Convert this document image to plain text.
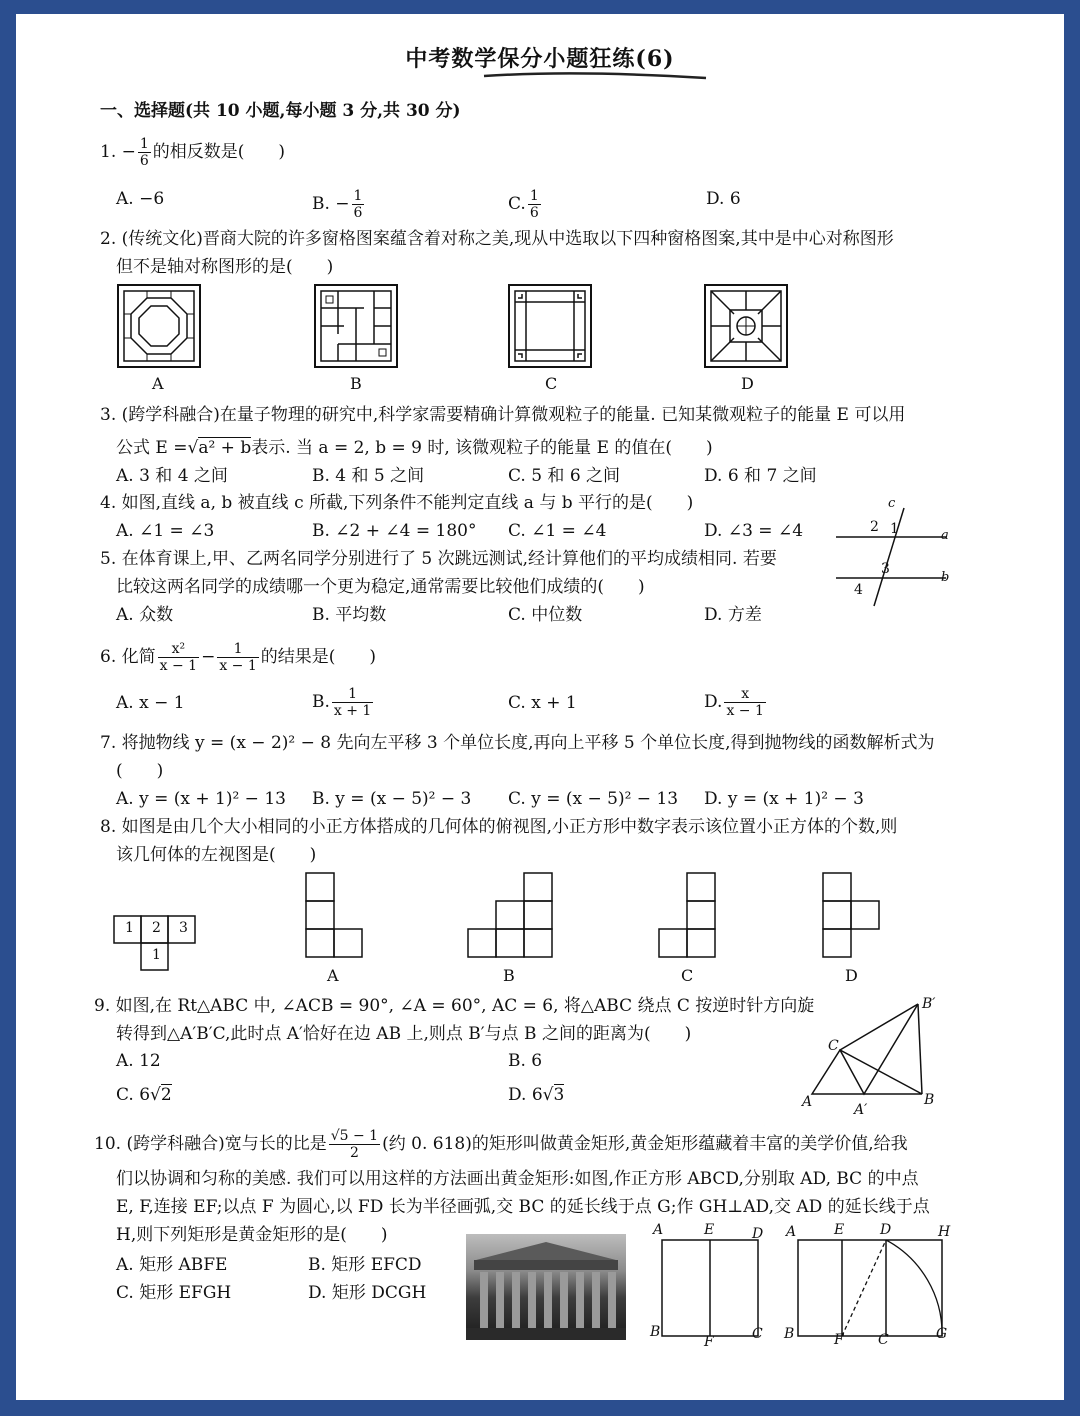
中考数学保分小题狂练(6)
一、选择题(共 10 小题,每小题 3 分,共 30 分)
1. − $\frac{1}{6}$ 的相反数是(　　)
A. −6	B. − $\frac{1}{6}$	C. $\frac{1}{6}$	D. 6
2. (传统文化)晋商大院的许多窗格图案蕴含着对称之美,现从中选取以下四种窗格图案,其中是中心对称图形
但不是轴对称图形的是(　　)
A	B	C	D
3. (跨学科融合)在量子物理的研究中,科学家需要精确计算微观粒子的能量. 已知某微观粒子的能量 E 可以用
公式 E =√a² + b表示. 当 a = 2, b = 9 时, 该微观粒子的能量 E 的值在(　　)
A. 3 和 4 之间	B. 4 和 5 之间	C. 5 和 6 之间	D. 6 和 7 之间
4. 如图,直线 a, b 被直线 c 所截,下列条件不能判定直线 a 与 b 平行的是(　　)
A. ∠1 = ∠3	B. ∠2 + ∠4 = 180° C. ∠1 = ∠4	D. ∠3 = ∠4
c
a
b
2 1
3
4
5. 在体育课上,甲、乙两名同学分别进行了 5 次跳远测试,经计算他们的平均成绩相同. 若要
比较这两名同学的成绩哪一个更为稳定,通常需要比较他们成绩的(　　)
A. 众数	B. 平均数	C. 中位数	D. 方差
6. 化简 $\frac{\text{x²}}{x - 1} - \frac{1}{x - 1}$ 的结果是(　　)
A. x − 1	B. $\frac{1}{x + 1}$	C. x + 1	D. $\frac{x}{x - 1}$
7. 将抛物线 y = (x − 2)² − 8 先向左平移 3 个单位长度,再向上平移 5 个单位长度,得到抛物线的函数解析式为
(　　)
A. y = (x + 1)² − 13 B. y = (x − 5)² − 3 C. y = (x − 5)² − 13 D. y = (x + 1)² − 3
8. 如图是由几个大小相同的小正方体搭成的几何体的俯视图,小正方形中数字表示该位置小正方体的个数,则
该几何体的左视图是(　　)
1 2 3
1
A	B	C	D
9. 如图,在 Rt△ABC 中, ∠ACB = 90°, ∠A = 60°, AC = 6, 将△ABC 绕点 C 按逆时针方向旋
转得到△A′B′C,此时点 A′恰好在边 AB 上,则点 B′与点 B 之间的距离为(　　)
A. 12	B. 6
C. 6√2	D. 6√3	A	B
C
A′
B′
10. (跨学科融合)宽与长的比是 $\frac{√5 - 1}{2}$ (约 0. 618)的矩形叫做黄金矩形,黄金矩形蕴藏着丰富的美学价值,给我
们以协调和匀称的美感. 我们可以用这样的方法画出黄金矩形:如图,作正方形 ABCD,分别取 AD, BC 的中点
E, F,连接 EF;以点 F 为圆心,以 FD 长为半径画弧,交 BC 的延长线于点 G;作 GH⊥AD,交 AD 的延长线于点
H,则下列矩形是黄金矩形的是(　　)
A. 矩形 ABFE	B. 矩形 EFCD
C. 矩形 EFGH	D. 矩形 DCGH
A	E	D
B
F	C
A	E	D	H
B	F C	G
